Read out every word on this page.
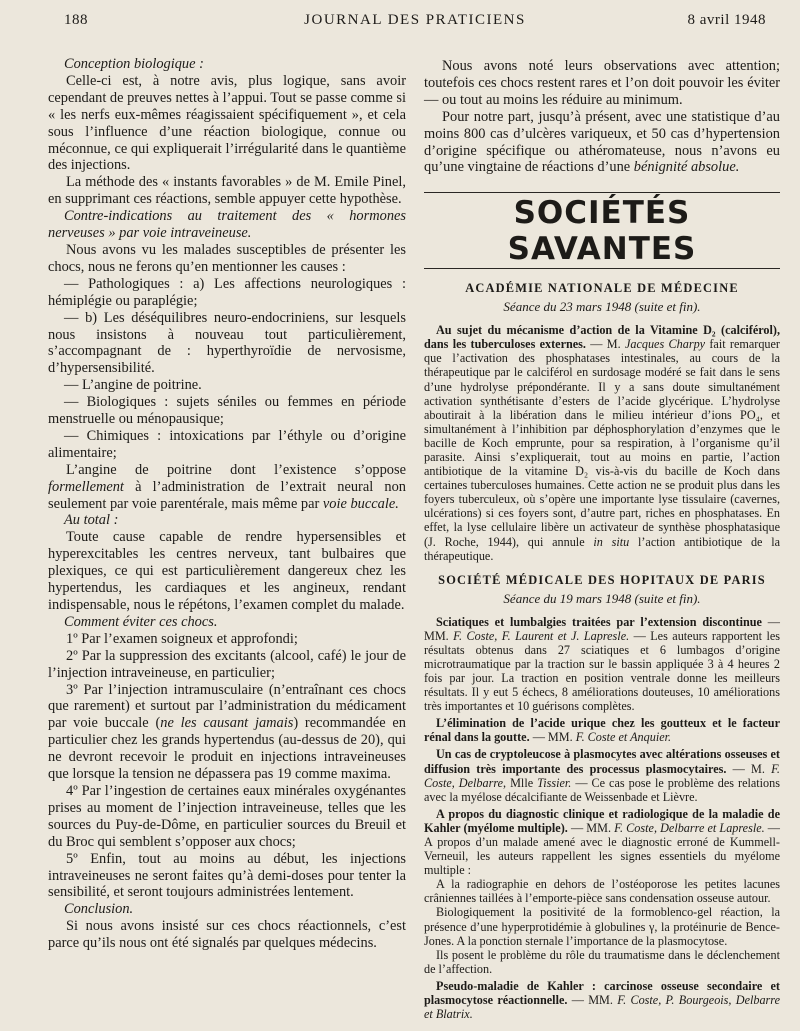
188	JOURNAL DES PRATICIENS	8 avril 1948

Conception biologique :

Celle-ci est, à notre avis, plus logique, sans avoir cependant de preuves nettes à l’appui. Tout se passe comme si « les nerfs eux-mêmes réagissaient spécifiquement », et cela sous l’influence d’une réaction biologique, connue ou méconnue, ce qui expliquerait l’irrégularité dans le quantième des injections.

La méthode des « instants favorables » de M. Emile Pinel, en supprimant ces réactions, semble appuyer cette hypothèse.

Contre-indications au traitement des « hormones nerveuses » par voie intraveineuse.

Nous avons vu les malades susceptibles de présenter les chocs, nous ne ferons qu’en mentionner les causes :

— Pathologiques : a) Les affections neurologiques : hémiplégie ou paraplégie;

— b) Les déséquilibres neuro-endocriniens, sur lesquels nous insistons à nouveau tout particulièrement, s’accompagnant de : hyperthyroïdie de nervosisme, d’hypersensibilité.

— L’angine de poitrine.

— Biologiques : sujets séniles ou femmes en période menstruelle ou ménopausique;

— Chimiques : intoxications par l’éthyle ou d’origine alimentaire;

L’angine de poitrine dont l’existence s’oppose formellement à l’administration de l’extrait neural non seulement par voie parentérale, mais même par voie buccale.

Au total :

Toute cause capable de rendre hypersensibles et hyperexcitables les centres nerveux, tant bulbaires que plexiques, ce qui est particulièrement dangereux chez les hypertendus, les cardiaques et les angineux, rendant indispensable, nous le répétons, l’examen complet du malade.

Comment éviter ces chocs.

1º Par l’examen soigneux et approfondi;

2º Par la suppression des excitants (alcool, café) le jour de l’injection intraveineuse, en particulier;

3º Par l’injection intramusculaire (n’entraînant ces chocs que rarement) et surtout par l’administration du médicament par voie buccale (ne les causant jamais) recommandée en particulier chez les grands hypertendus (au-dessus de 20), qui ne devront recevoir le produit en injections intraveineuses que lorsque la tension ne dépassera pas 19 comme maxima.

4º Par l’ingestion de certaines eaux minérales oxygénantes prises au moment de l’injection intraveineuse, telles que les sources du Puy-de-Dôme, en particulier sources du Breuil et du Broc qui semblent s’opposer aux chocs;

5º Enfin, tout au moins au début, les injections intraveineuses ne seront faites qu’à demi-doses pour tenter la sensibilité, et seront toujours administrées lentement.

Conclusion.

Si nous avons insisté sur ces chocs réactionnels, c’est parce qu’ils nous ont été signalés par quelques médecins.

Nous avons noté leurs observations avec attention; toutefois ces chocs restent rares et l’on doit pouvoir les éviter — ou tout au moins les réduire au minimum.

Pour notre part, jusqu’à présent, avec une statistique d’au moins 800 cas d’ulcères variqueux, et 50 cas d’hypertension d’origine spécifique ou athéromateuse, nous n’avons eu qu’une vingtaine de réactions d’une bénignité absolue.

SOCIÉTÉS SAVANTES
ACADÉMIE NATIONALE DE MÉDECINE
Séance du 23 mars 1948 (suite et fin).

Au sujet du mécanisme d’action de la Vitamine D₂ (calciférol), dans les tuberculoses externes. — M. Jacques Charpy fait remarquer que l’activation des phosphatases intestinales, au cours de la thérapeutique par le calciférol en surdosage modéré se fait dans le sens d’une hydrolyse prépondérante. Il y a sans doute simultanément activation synthétisante d’esters de l’acide glycérique. L’hydrolyse aboutirait à la libération dans le milieu intérieur d’ions PO₄, et simultanément à l’inhibition par déphosphorylation d’enzymes que le bacille de Koch emprunte, pour sa respiration, à l’organisme qu’il parasite. Ainsi s’expliquerait, tout au moins en partie, l’action antibiotique de la vitamine D₂ vis-à-vis du bacille de Koch dans certaines tuberculoses humaines. Cette action ne se produit plus dans les foyers tuberculeux, où s’opère une importante lyse tissulaire (cavernes, ulcérations) si ces foyers sont, d’autre part, riches en phosphatases. En effet, la lyse cellulaire libère un activateur de synthèse phosphatasique (J. Roche, 1944), qui annule in situ l’action antibiotique de la thérapeutique.

SOCIÉTÉ MÉDICALE DES HOPITAUX DE PARIS
Séance du 19 mars 1948 (suite et fin).

Sciatiques et lumbalgies traitées par l’extension discontinue — MM. F. Coste, F. Laurent et J. Lapresle. — Les auteurs rapportent les résultats obtenus dans 27 sciatiques et 6 lumbagos d’origine microtraumatique par la traction sur le bassin appliquée 3 à 4 heures 2 fois par jour. La traction en position ventrale donne les meilleurs résultats. Il y eut 5 échecs, 8 améliorations douteuses, 10 améliorations très importantes et 10 guérisons complètes.

L’élimination de l’acide urique chez les goutteux et le facteur rénal dans la goutte. — MM. F. Coste et Anquier.

Un cas de cryptoleucose à plasmocytes avec altérations osseuses et diffusion très importante des processus plasmocytaires. — M. F. Coste, Delbarre, Mlle Tissier. — Ce cas pose le problème des relations avec la myélose décalcifiante de Weissenbade et Lièvre.

A propos du diagnostic clinique et radiologique de la maladie de Kahler (myélome multiple). — MM. F. Coste, Delbarre et Lapresle. — A propos d’un malade amené avec le diagnostic erroné de Kummell-Verneuil, les auteurs rappellent les signes essentiels du myélome multiple :

A la radiographie en dehors de l’ostéoporose les petites lacunes crâniennes taillées à l’emporte-pièce sans condensation osseuse autour.

Biologiquement la positivité de la formoblenco-gel réaction, la présence d’une hyperprotidémie à globulines γ, la protéinurie de Bence-Jones. A la ponction sternale l’importance de la plasmocytose.

Ils posent le problème du rôle du traumatisme dans le déclenchement de l’affection.

Pseudo-maladie de Kahler : carcinose osseuse secondaire et plasmocytose réactionnelle. — MM. F. Coste, P. Bourgeois, Delbarre et Blatrix.
